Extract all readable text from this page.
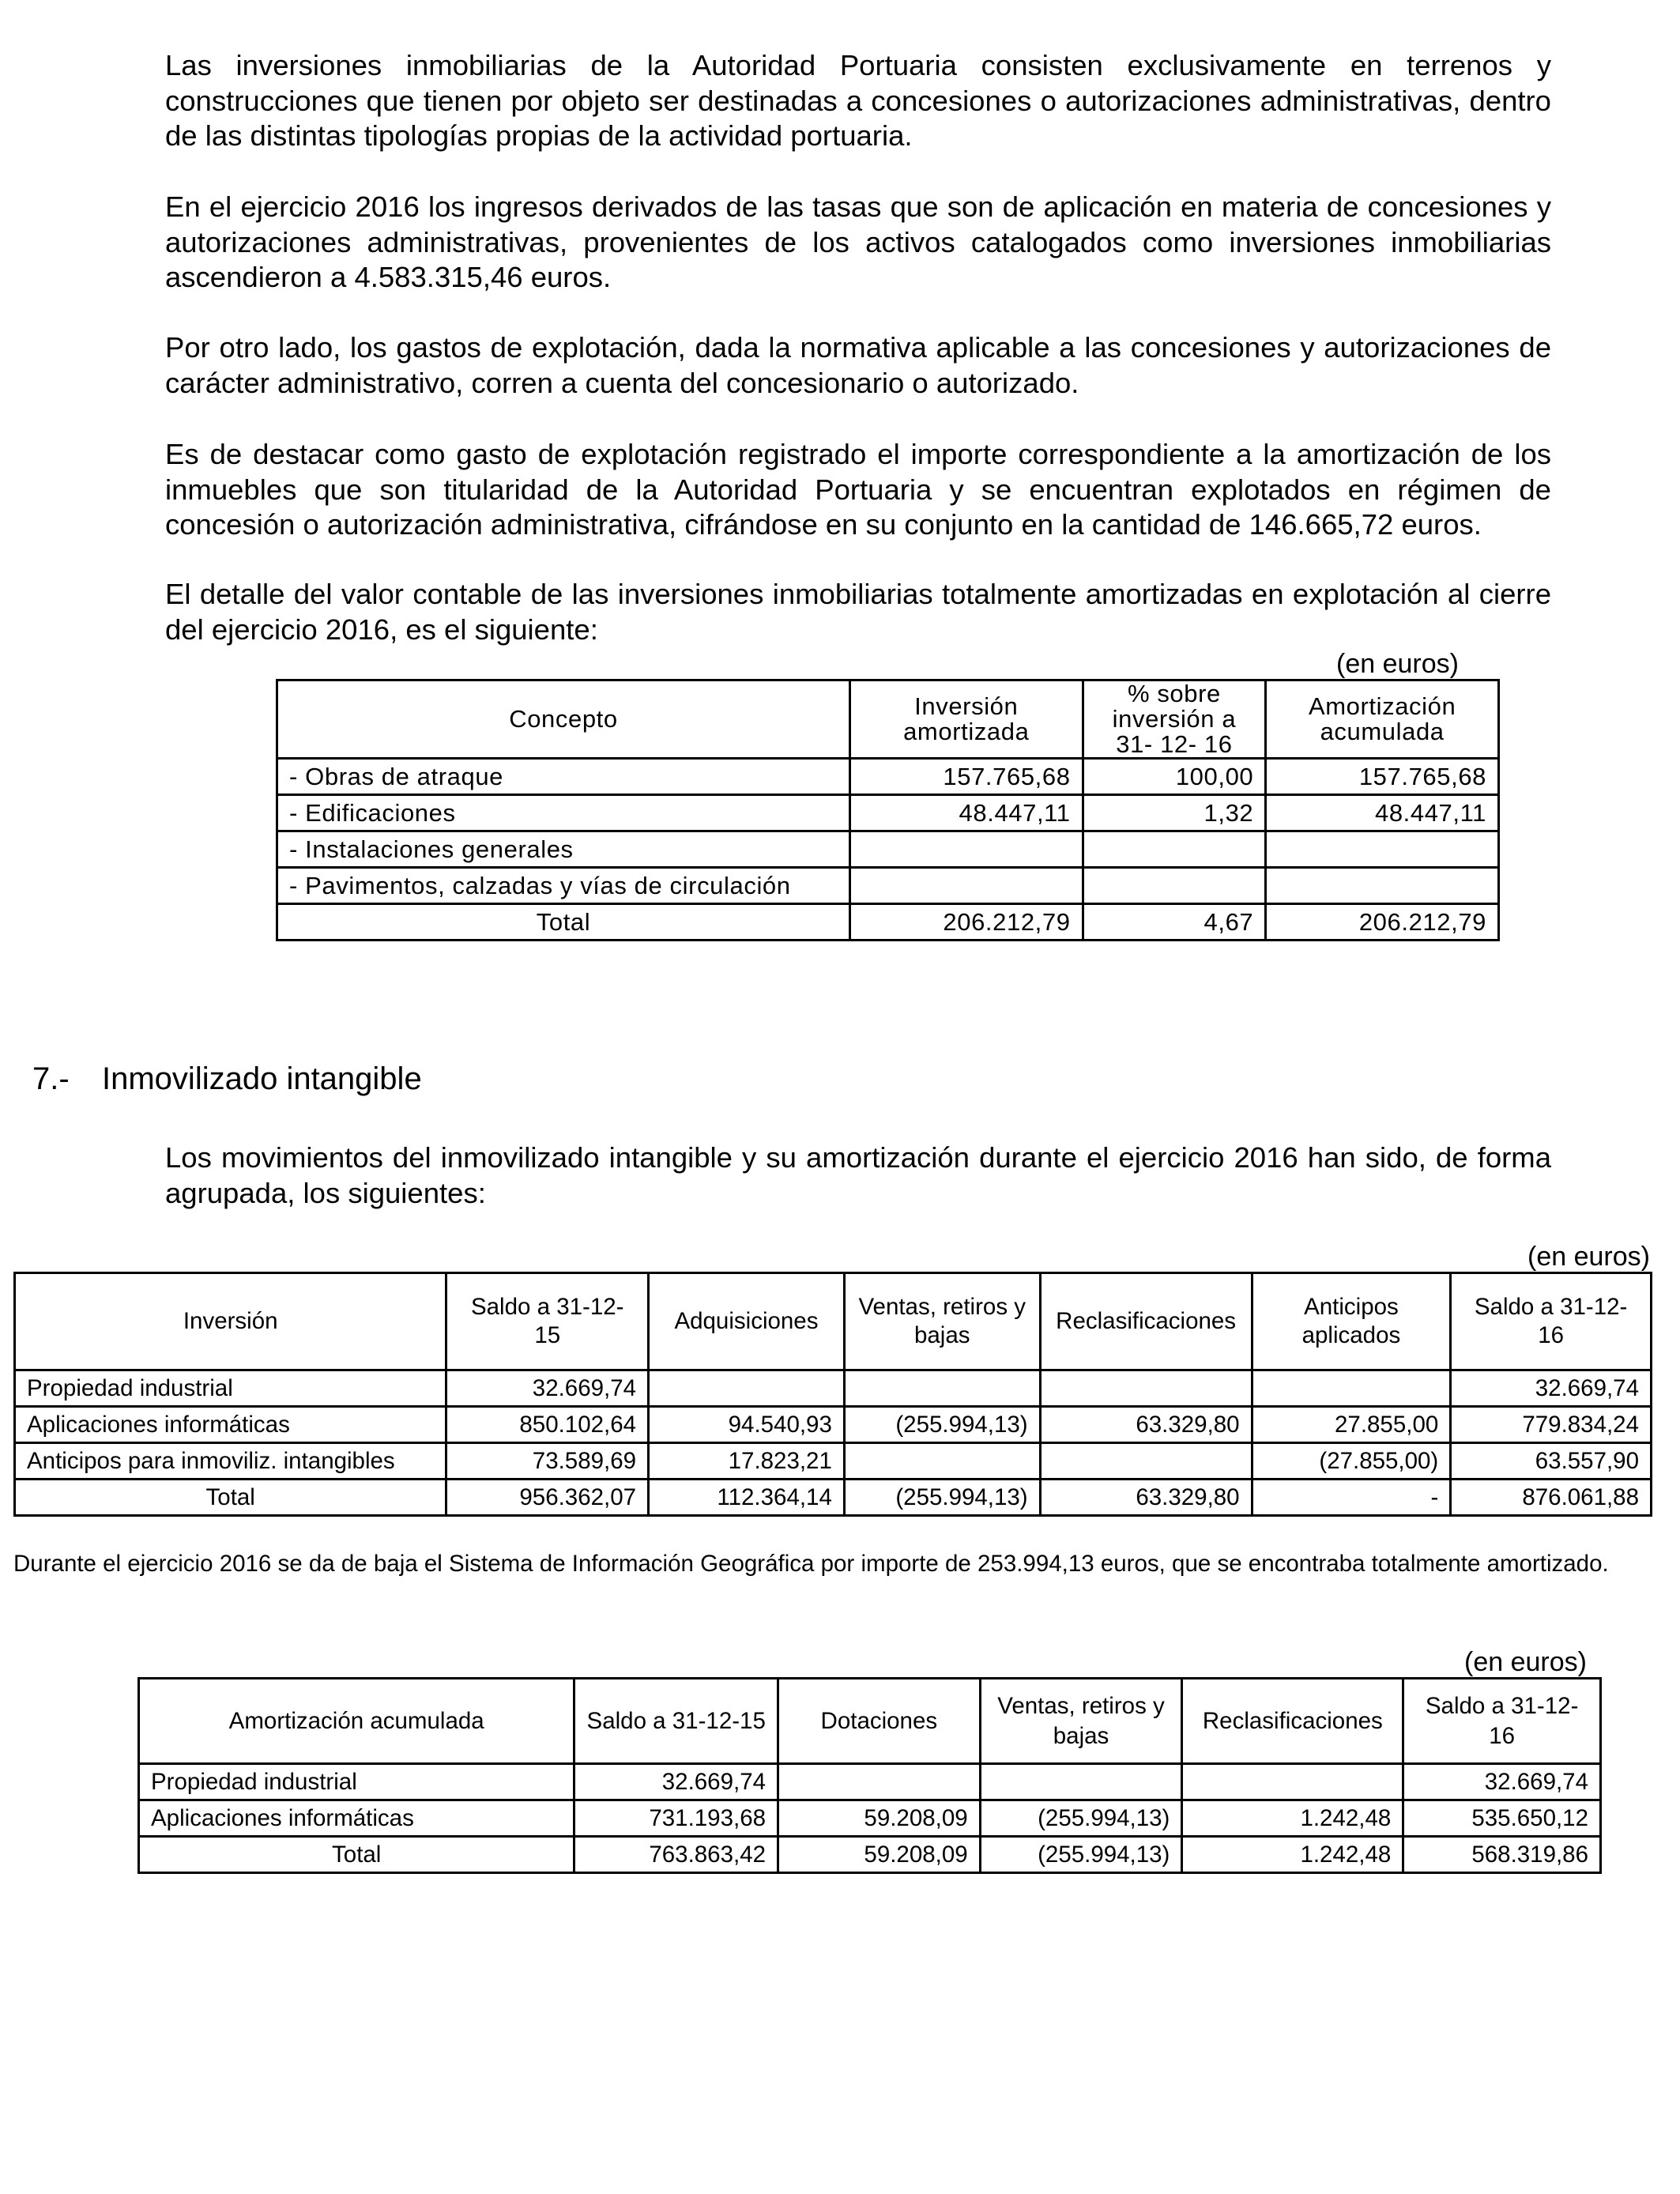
Las inversiones inmobiliarias de la Autoridad Portuaria consisten exclusivamente en terrenos y construcciones que tienen por objeto ser destinadas a concesiones o autorizaciones administrativas, dentro de las distintas tipologías propias de la actividad portuaria.

En el ejercicio 2016 los ingresos derivados de las tasas que son de aplicación en materia de concesiones y autorizaciones administrativas, provenientes de los activos catalogados como inversiones inmobiliarias ascendieron a 4.583.315,46 euros.

Por otro lado, los gastos de explotación, dada la normativa aplicable a las concesiones y autorizaciones de carácter administrativo, corren a cuenta del concesionario o autorizado.

Es de destacar como gasto de explotación registrado el importe correspondiente a la amortización de los inmuebles que son titularidad de la Autoridad Portuaria y se encuentran explotados en régimen de concesión o autorización administrativa, cifrándose en su conjunto en la cantidad de 146.665,72 euros.

El detalle del valor contable de las inversiones inmobiliarias totalmente amortizadas en explotación al cierre del ejercicio 2016, es el siguiente:

(en euros)
Concepto	Inversión amortizada	% sobre inversión a 31- 12- 16	Amortización acumulada
- Obras de atraque	157.765,68	100,00	157.765,68
- Edificaciones	48.447,11	1,32	48.447,11
- Instalaciones generales			
- Pavimentos, calzadas y vías de circulación			
Total	206.212,79	4,67	206.212,79
7.- Inmovilizado intangible

Los movimientos del inmovilizado intangible y su amortización durante el ejercicio 2016 han sido, de forma agrupada, los siguientes:

(en euros)
Inversión	Saldo a 31-12-15	Adquisiciones	Ventas, retiros y bajas	Reclasificaciones	Anticipos aplicados	Saldo a 31-12-16
Propiedad industrial	32.669,74					32.669,74
Aplicaciones informáticas	850.102,64	94.540,93	(255.994,13)	63.329,80	27.855,00	779.834,24
Anticipos para inmoviliz. intangibles	73.589,69	17.823,21			(27.855,00)	63.557,90
Total	956.362,07	112.364,14	(255.994,13)	63.329,80	-	876.061,88

Durante el ejercicio 2016 se da de baja el Sistema de Información Geográfica por importe de 253.994,13 euros, que se encontraba totalmente amortizado.

(en euros)
Amortización acumulada	Saldo a 31-12-15	Dotaciones	Ventas, retiros y bajas	Reclasificaciones	Saldo a 31-12-16
Propiedad industrial	32.669,74				32.669,74
Aplicaciones informáticas	731.193,68	59.208,09	(255.994,13)	1.242,48	535.650,12
Total	763.863,42	59.208,09	(255.994,13)	1.242,48	568.319,86
